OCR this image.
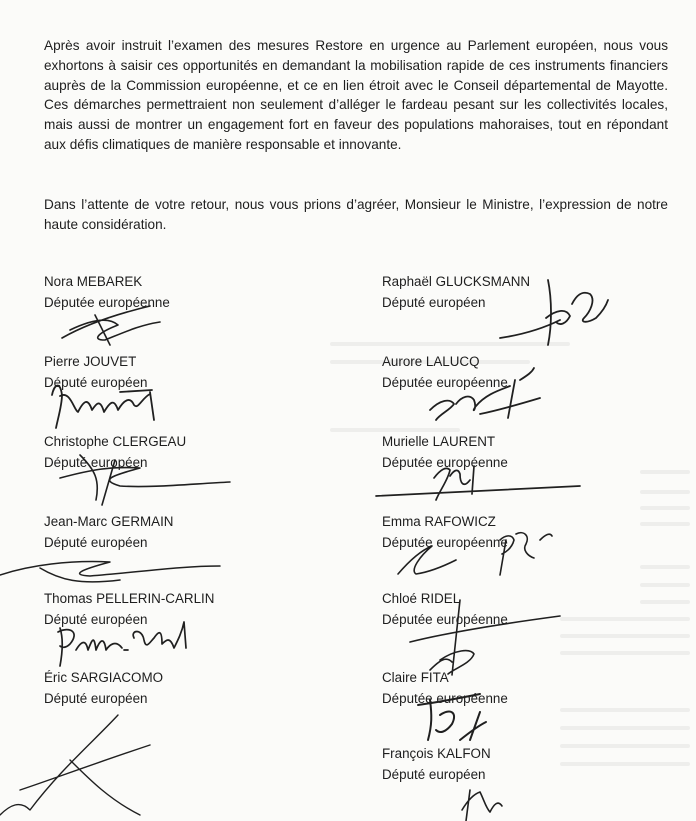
Après avoir instruit l’examen des mesures Restore en urgence au Parlement européen, nous vous exhortons à saisir ces opportunités en demandant la mobilisation rapide de ces instruments financiers auprès de la Commission européenne, et ce en lien étroit avec le Conseil départemental de Mayotte. Ces démarches permettraient non seulement d’alléger le fardeau pesant sur les collectivités locales, mais aussi de montrer un engagement fort en faveur des populations mahoraises, tout en répondant aux défis climatiques de manière responsable et innovante.

Dans l’attente de votre retour, nous vous prions d’agréer, Monsieur le Ministre, l’expression de notre haute considération.

Nora MEBAREK
Députée européenne
Pierre JOUVET
Député européen
Christophe CLERGEAU
Député européen
Jean-Marc GERMAIN
Député européen
Thomas PELLERIN-CARLIN
Député européen
Éric SARGIACOMO
Député européen
Raphaël GLUCKSMANN
Député européen
Aurore LALUCQ
Députée européenne
Murielle LAURENT
Députée européenne
Emma RAFOWICZ
Députée européenne
Chloé RIDEL
Députée européenne
Claire FITA
Députée européenne
François KALFON
Député européen
